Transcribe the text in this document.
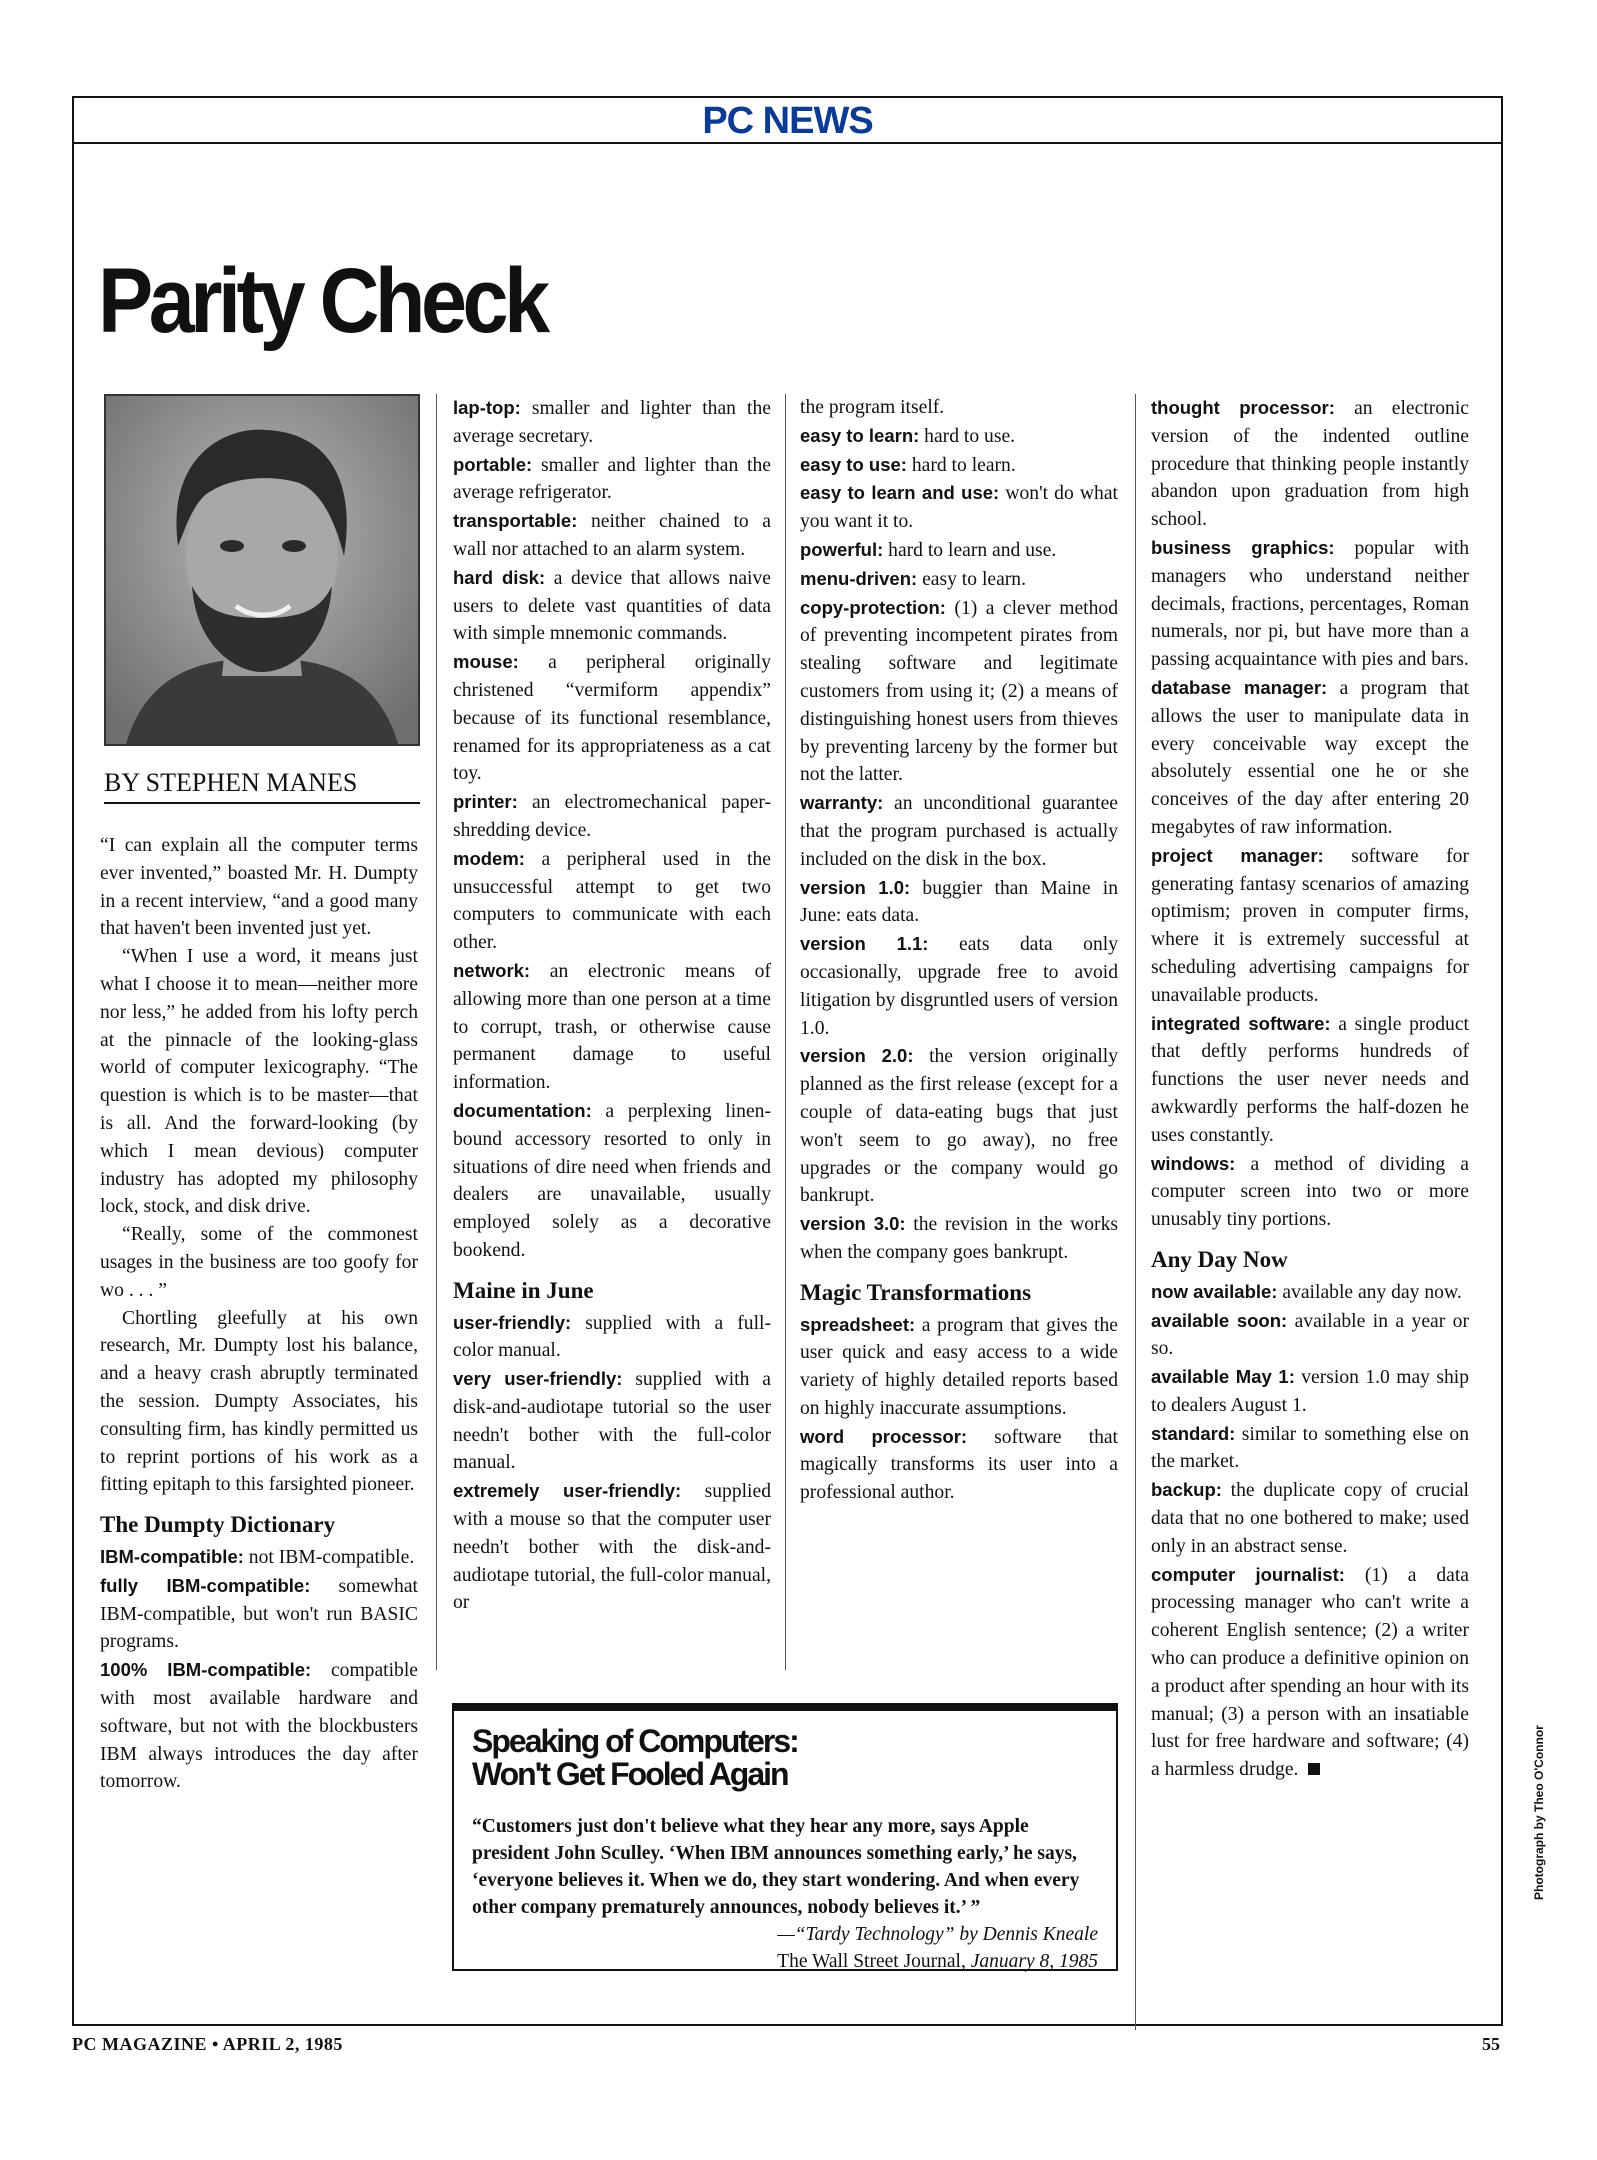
PC NEWS
Parity Check
BY STEPHEN MANES

“I can explain all the computer terms ever invented,” boasted Mr. H. Dumpty in a recent interview, “and a good many that haven't been invented just yet.

“When I use a word, it means just what I choose it to mean—neither more nor less,” he added from his lofty perch at the pinnacle of the looking-glass world of computer lexicography. “The question is which is to be master—that is all. And the forward-looking (by which I mean devious) computer industry has adopted my philosophy lock, stock, and disk drive.

“Really, some of the commonest usages in the business are too goofy for wo . . . ”

Chortling gleefully at his own research, Mr. Dumpty lost his balance, and a heavy crash abruptly terminated the session. Dumpty Associates, his consulting firm, has kindly permitted us to reprint portions of his work as a fitting epitaph to this farsighted pioneer.

The Dumpty Dictionary

IBM-compatible: not IBM-compatible.

fully IBM-compatible: somewhat IBM-compatible, but won't run BASIC programs.

100% IBM-compatible: compatible with most available hardware and software, but not with the blockbusters IBM always introduces the day after tomorrow.

lap-top: smaller and lighter than the average secretary.

portable: smaller and lighter than the average refrigerator.

transportable: neither chained to a wall nor attached to an alarm system.

hard disk: a device that allows naive users to delete vast quantities of data with simple mnemonic commands.

mouse: a peripheral originally christened “vermiform appendix” because of its functional resemblance, renamed for its appropriateness as a cat toy.

printer: an electromechanical paper-shredding device.

modem: a peripheral used in the unsuccessful attempt to get two computers to communicate with each other.

network: an electronic means of allowing more than one person at a time to corrupt, trash, or otherwise cause permanent damage to useful information.

documentation: a perplexing linen-bound accessory resorted to only in situations of dire need when friends and dealers are unavailable, usually employed solely as a decorative bookend.

Maine in June

user-friendly: supplied with a full-color manual.

very user-friendly: supplied with a disk-and-audiotape tutorial so the user needn't bother with the full-color manual.

extremely user-friendly: supplied with a mouse so that the computer user needn't bother with the disk-and-audiotape tutorial, the full-color manual, or

the program itself.

easy to learn: hard to use.

easy to use: hard to learn.

easy to learn and use: won't do what you want it to.

powerful: hard to learn and use.

menu-driven: easy to learn.

copy-protection: (1) a clever method of preventing incompetent pirates from stealing software and legitimate customers from using it; (2) a means of distinguishing honest users from thieves by preventing larceny by the former but not the latter.

warranty: an unconditional guarantee that the program purchased is actually included on the disk in the box.

version 1.0: buggier than Maine in June: eats data.

version 1.1: eats data only occasionally, upgrade free to avoid litigation by disgruntled users of version 1.0.

version 2.0: the version originally planned as the first release (except for a couple of data-eating bugs that just won't seem to go away), no free upgrades or the company would go bankrupt.

version 3.0: the revision in the works when the company goes bankrupt.

Magic Transformations

spreadsheet: a program that gives the user quick and easy access to a wide variety of highly detailed reports based on highly inaccurate assumptions.

word processor: software that magically transforms its user into a professional author.

thought processor: an electronic version of the indented outline procedure that thinking people instantly abandon upon graduation from high school.

business graphics: popular with managers who understand neither decimals, fractions, percentages, Roman numerals, nor pi, but have more than a passing acquaintance with pies and bars.

database manager: a program that allows the user to manipulate data in every conceivable way except the absolutely essential one he or she conceives of the day after entering 20 megabytes of raw information.

project manager: software for generating fantasy scenarios of amazing optimism; proven in computer firms, where it is extremely successful at scheduling advertising campaigns for unavailable products.

integrated software: a single product that deftly performs hundreds of functions the user never needs and awkwardly performs the half-dozen he uses constantly.

windows: a method of dividing a computer screen into two or more unusably tiny portions.

Any Day Now

now available: available any day now.

available soon: available in a year or so.

available May 1: version 1.0 may ship to dealers August 1.

standard: similar to something else on the market.

backup: the duplicate copy of crucial data that no one bothered to make; used only in an abstract sense.

computer journalist: (1) a data processing manager who can't write a coherent English sentence; (2) a writer who can produce a definitive opinion on a product after spending an hour with its manual; (3) a person with an insatiable lust for free hardware and software; (4) a harmless drudge.

Speaking of Computers:
Won't Get Fooled Again
“Customers just don't believe what they hear any more, says Apple president John Sculley. ‘When IBM announces something early,’ he says, ‘everyone believes it. When we do, they start wondering. And when every other company prematurely announces, nobody believes it.’ ”
—“Tardy Technology” by Dennis Kneale
The Wall Street Journal, January 8, 1985
Photograph by Theo O'Connor
PC MAGAZINE • APRIL 2, 1985	55
